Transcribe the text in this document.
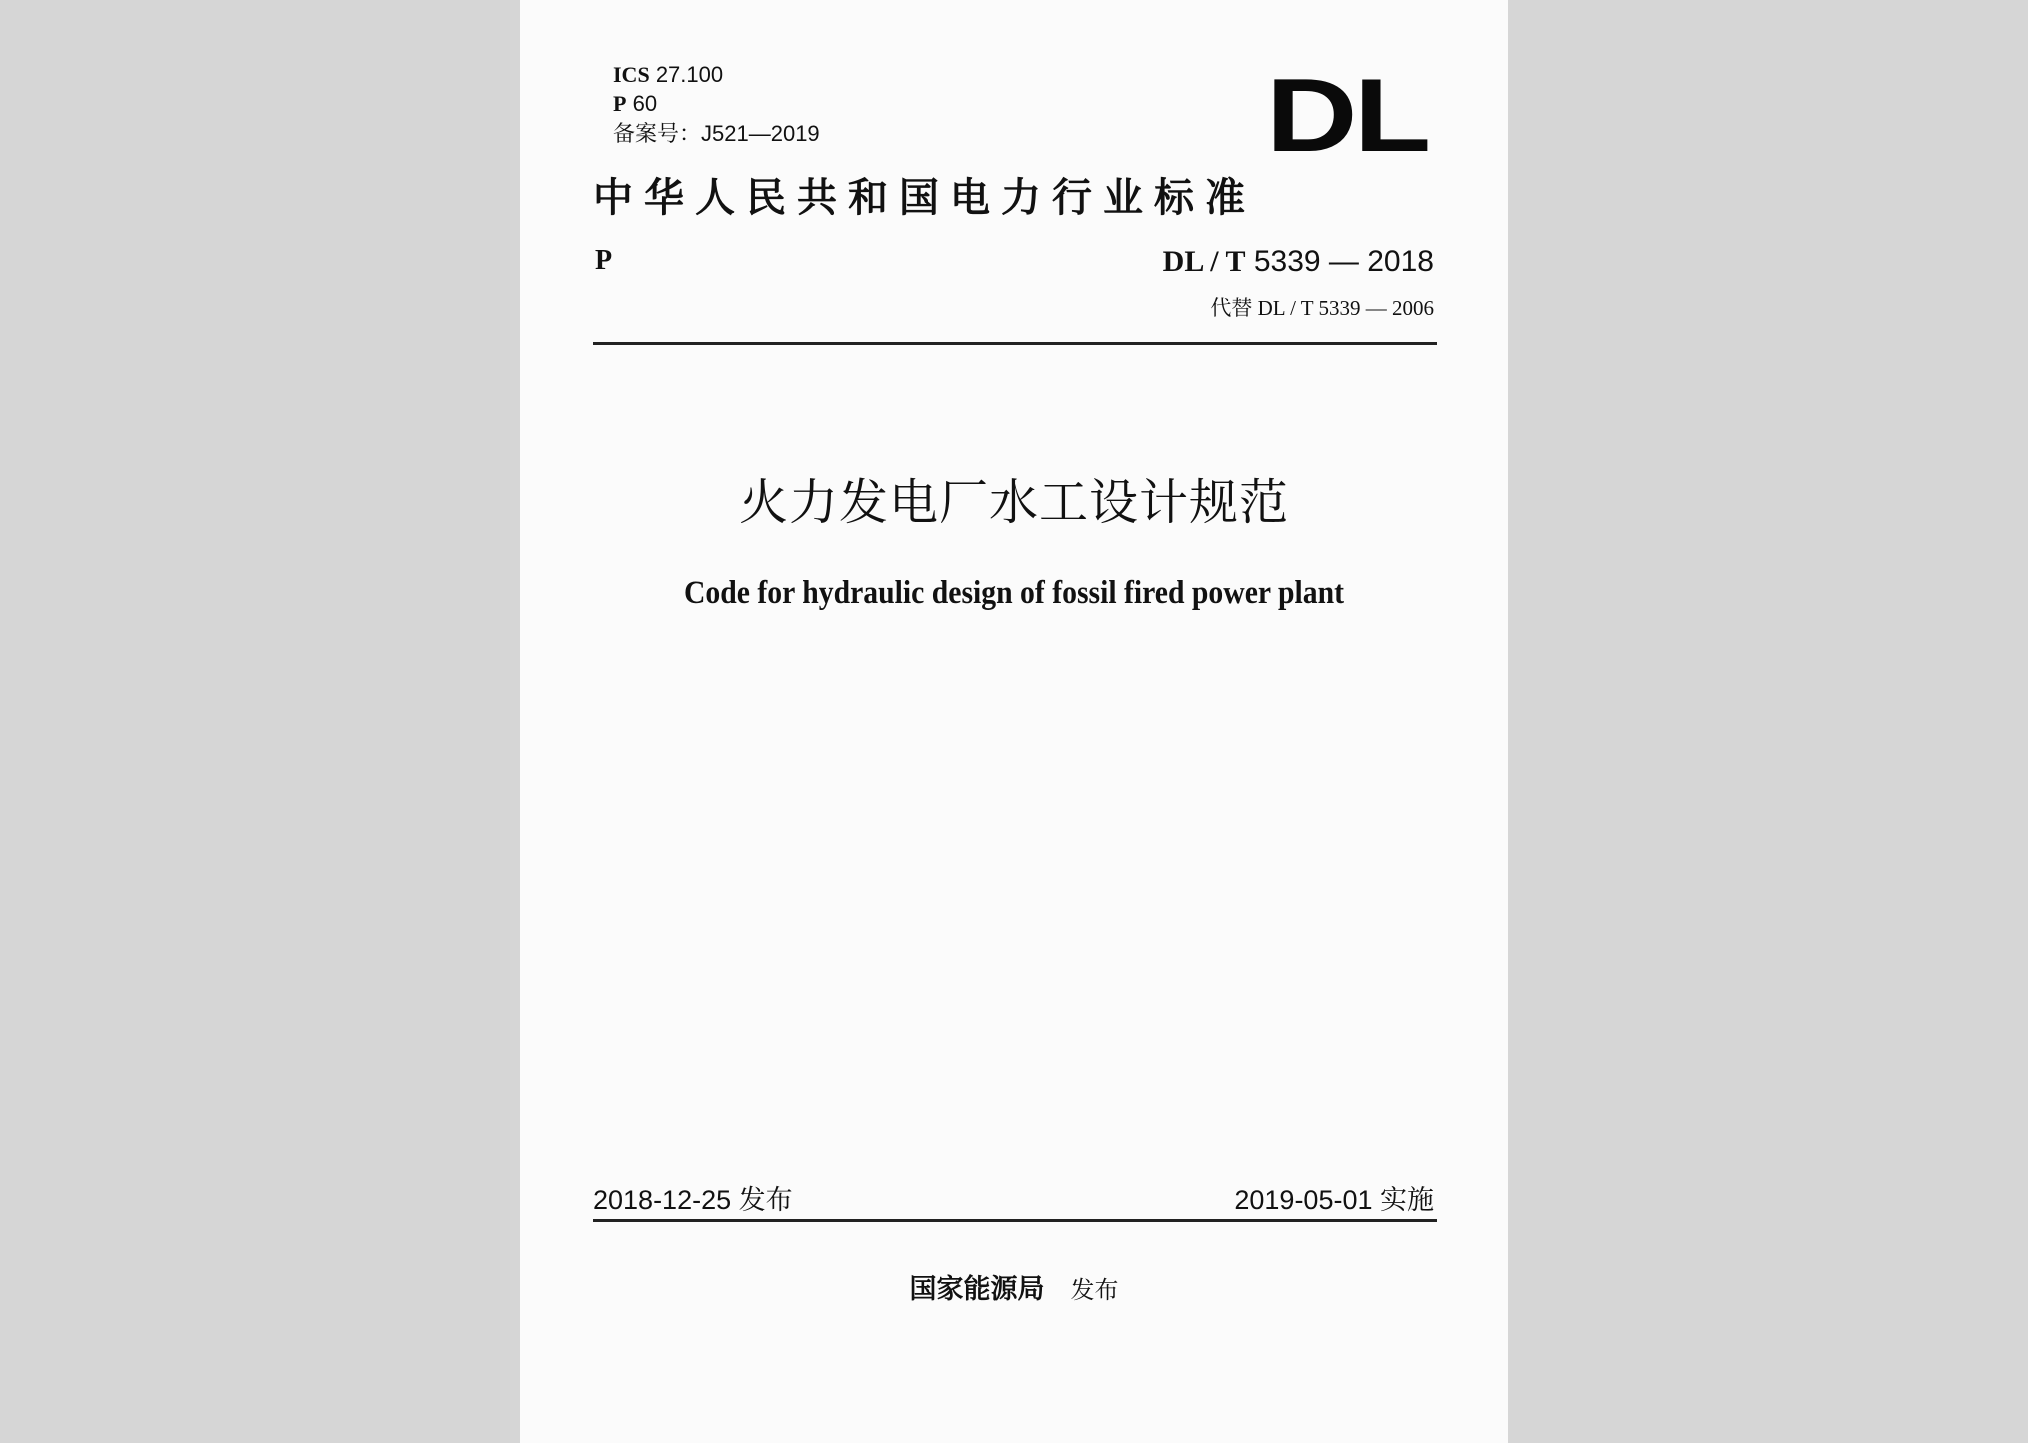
ICS 27.100
P 60
备案号：J521—2019	DL
中华人民共和国电力行业标准
P	DL / T 5339 — 2018
代替 DL / T 5339 — 2006
火力发电厂水工设计规范
Code for hydraulic design of fossil fired power plant
2018-12-25 发布	2019-05-01 实施
国家能源局 发布
